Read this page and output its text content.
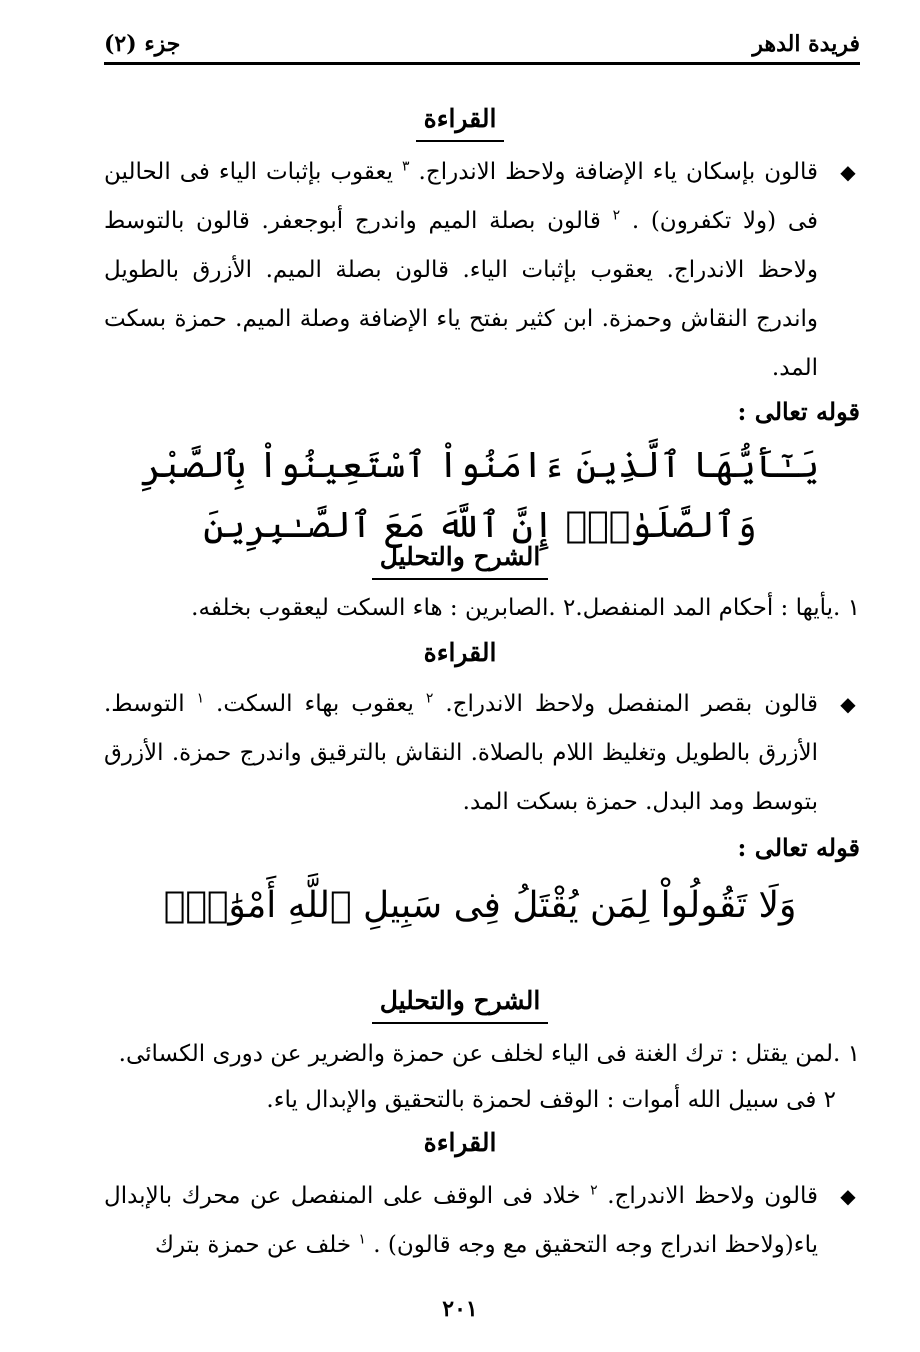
فريدة الدهر
جزء (٢)
القراءة
◆
قالون بإسكان ياء الإضافة ولاحظ الاندراج. $^٣$ يعقوب بإثبات الياء فى الحالين فى (ولا تكفرون) . $^٢$ قالون بصلة الميم واندرج أبوجعفر. قالون بالتوسط ولاحظ الاندراج. يعقوب بإثبات الياء. قالون بصلة الميم. الأزرق بالطويل واندرج النقاش وحمزة. ابن كثير بفتح ياء الإضافة وصلة الميم. حمزة بسكت المد.
قوله تعالى :
يَـٰٓأَيُّهَا ٱلَّذِينَ ءَامَنُواْ ٱسْتَعِينُواْ بِٱلصَّبْرِ وَٱلصَّلَوٰةِۚ إِنَّ ٱللَّهَ مَعَ ٱلصَّـٰبِرِينَ
الشرح والتحليل
١ .يأيها : أحكام المد المنفصل.٢ .الصابرين : هاء السكت ليعقوب بخلفه.
القراءة
◆
قالون بقصر المنفصل ولاحظ الاندراج. $^٢$ يعقوب بهاء السكت. $^١$ التوسط. الأزرق بالطويل وتغليظ اللام بالصلاة. النقاش بالترقيق واندرج حمزة. الأزرق بتوسط ومد البدل. حمزة بسكت المد.
قوله تعالى :
وَلَا تَقُولُواْ لِمَن يُقْتَلُ فِى سَبِيلِ ٱللَّهِ أَمْوَٰتٌۢ
الشرح والتحليل
١ .لمن يقتل : ترك الغنة فى الياء لخلف عن حمزة والضرير عن دورى الكسائى.
٢ فى سبيل الله أموات : الوقف لحمزة بالتحقيق والإبدال ياء.
القراءة
◆
قالون ولاحظ الاندراج. $^٢$ خلاد فى الوقف على المنفصل عن محرك بالإبدال ياء(ولاحظ اندراج وجه التحقيق مع وجه قالون) . $^١$ خلف عن حمزة بترك
٢٠١
